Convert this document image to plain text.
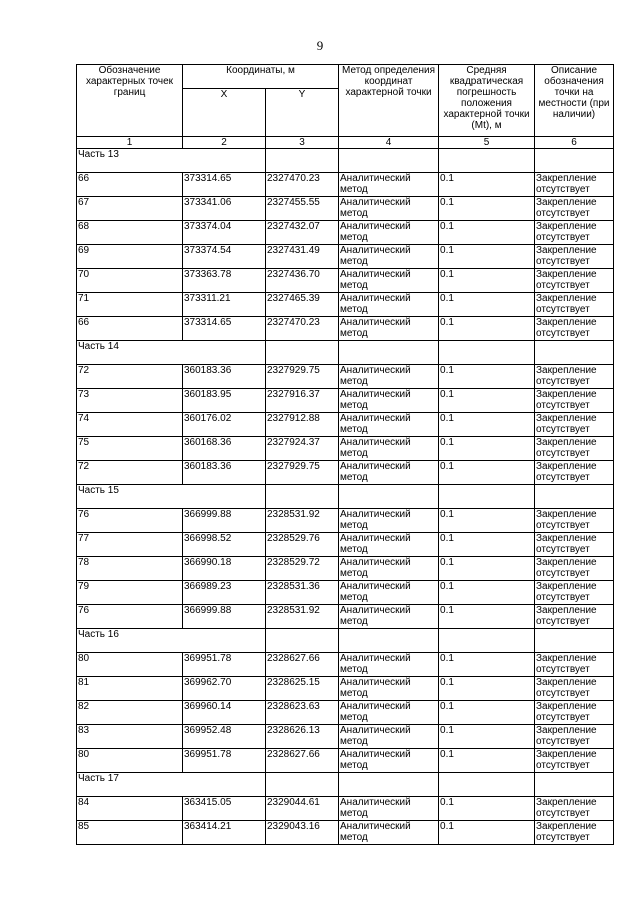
9
Обозначение характерных точек границ	Координаты, м		Метод определения координат характерной точки	Средняя квадратическая погрешность положения характерной точки (Mt), м	Описание обозначения точки на местности (при наличии)
	X	Y			
1	2	3	4	5	6
Часть 13					
66	373314.65	2327470.23	Аналитический метод	0.1	Закрепление отсутствует
67	373341.06	2327455.55	Аналитический метод	0.1	Закрепление отсутствует
68	373374.04	2327432.07	Аналитический метод	0.1	Закрепление отсутствует
69	373374.54	2327431.49	Аналитический метод	0.1	Закрепление отсутствует
70	373363.78	2327436.70	Аналитический метод	0.1	Закрепление отсутствует
71	373311.21	2327465.39	Аналитический метод	0.1	Закрепление отсутствует
66	373314.65	2327470.23	Аналитический метод	0.1	Закрепление отсутствует
Часть 14					
72	360183.36	2327929.75	Аналитический метод	0.1	Закрепление отсутствует
73	360183.95	2327916.37	Аналитический метод	0.1	Закрепление отсутствует
74	360176.02	2327912.88	Аналитический метод	0.1	Закрепление отсутствует
75	360168.36	2327924.37	Аналитический метод	0.1	Закрепление отсутствует
72	360183.36	2327929.75	Аналитический метод	0.1	Закрепление отсутствует
Часть 15					
76	366999.88	2328531.92	Аналитический метод	0.1	Закрепление отсутствует
77	366998.52	2328529.76	Аналитический метод	0.1	Закрепление отсутствует
78	366990.18	2328529.72	Аналитический метод	0.1	Закрепление отсутствует
79	366989.23	2328531.36	Аналитический метод	0.1	Закрепление отсутствует
76	366999.88	2328531.92	Аналитический метод	0.1	Закрепление отсутствует
Часть 16					
80	369951.78	2328627.66	Аналитический метод	0.1	Закрепление отсутствует
81	369962.70	2328625.15	Аналитический метод	0.1	Закрепление отсутствует
82	369960.14	2328623.63	Аналитический метод	0.1	Закрепление отсутствует
83	369952.48	2328626.13	Аналитический метод	0.1	Закрепление отсутствует
80	369951.78	2328627.66	Аналитический метод	0.1	Закрепление отсутствует
Часть 17					
84	363415.05	2329044.61	Аналитический метод	0.1	Закрепление отсутствует
85	363414.21	2329043.16	Аналитический метод	0.1	Закрепление отсутствует
